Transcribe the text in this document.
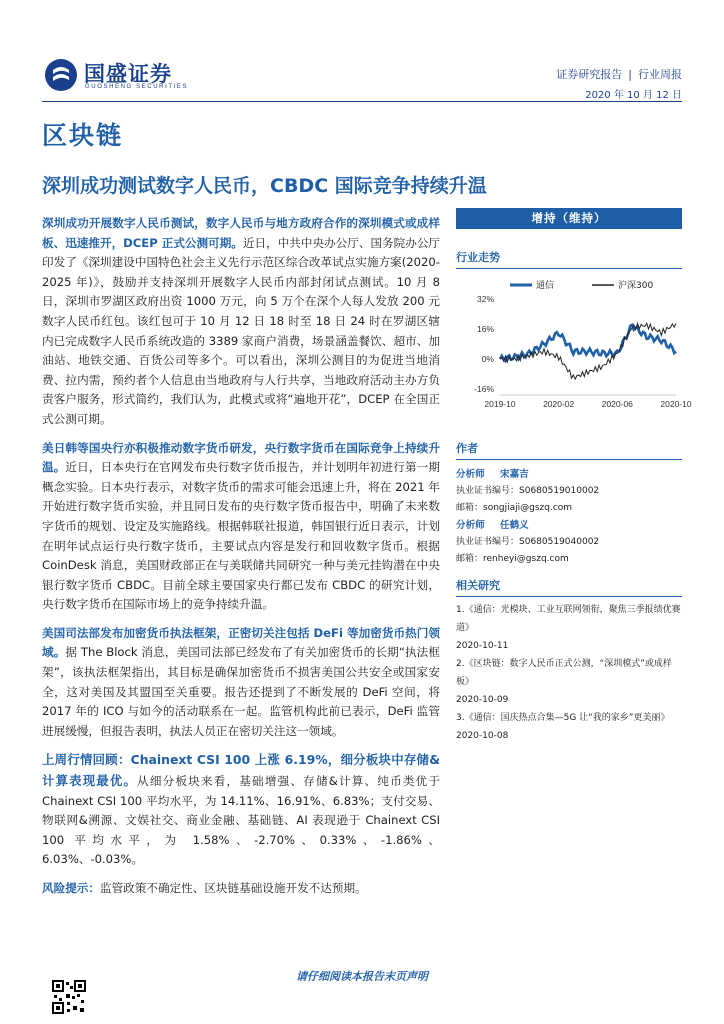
国盛证券
GUOSHENG SECURITIES
证券研究报告 | 行业周报
2020 年 10 月 12 日
区块链
深圳成功测试数字人民币，CBDC 国际竞争持续升温

深圳成功开展数字人民币测试，数字人民币与地方政府合作的深圳模式或成样板、迅速推开，DCEP 正式公测可期。近日，中共中央办公厅、国务院办公厅印发了《深圳建设中国特色社会主义先行示范区综合改革试点实施方案(2020-2025 年)》，鼓励并支持深圳开展数字人民币内部封闭试点测试。10 月 8 日，深圳市罗湖区政府出资 1000 万元，向 5 万个在深个人每人发放 200 元数字人民币红包。该红包可于 10 月 12 日 18 时至 18 日 24 时在罗湖区辖内已完成数字人民币系统改造的 3389 家商户消费，场景涵盖餐饮、超市、加油站、地铁交通、百货公司等多个。可以看出，深圳公测目的为促进当地消费、拉内需，预约者个人信息由当地政府与人行共享，当地政府活动主办方负责客户服务，形式简约，我们认为，此模式或将“遍地开花”，DCEP 在全国正式公测可期。

美日韩等国央行亦积极推动数字货币研发，央行数字货币在国际竞争上持续升温。近日，日本央行在官网发布央行数字货币报告，并计划明年初进行第一期概念实验。日本央行表示，对数字货币的需求可能会迅速上升，将在 2021 年开始进行数字货币实验，并且同日发布的央行数字货币报告中，明确了未来数字货币的规划、设定及实施路线。根据韩联社报道，韩国银行近日表示，计划在明年试点运行央行数字货币，主要试点内容是发行和回收数字货币。根据 CoinDesk 消息，美国财政部正在与美联储共同研究一种与美元挂钩潜在中央银行数字货币 CBDC。目前全球主要国家央行都已发布 CBDC 的研究计划，央行数字货币在国际市场上的竞争持续升温。

美国司法部发布加密货币执法框架，正密切关注包括 DeFi 等加密货币热门领域。据 The Block 消息，美国司法部已经发布了有关加密货币的长期“执法框架”，该执法框架指出，其目标是确保加密货币不损害美国公共安全或国家安全，这对美国及其盟国至关重要。报告还提到了不断发展的 DeFi 空间，将 2017 年的 ICO 与如今的活动联系在一起。监管机构此前已表示，DeFi 监管进展缓慢，但报告表明，执法人员正在密切关注这一领域。

上周行情回顾：Chainext CSI 100 上涨 6.19%，细分板块中存储&计算表现最优。从细分板块来看，基础增强、存储&计算、纯币类优于 Chainext CSI 100 平均水平，为 14.11%、16.91%、6.83%；支付交易、物联网&溯源、文娱社交、商业金融、基础链、AI 表现逊于 Chainext CSI 100 平均水平，为 1.58%、-2.70%、0.33%、-1.86%、6.03%、-0.03%。

风险提示：监管政策不确定性、区块链基础设施开发不达预期。

增持（维持）
行业走势
32%
16%
0%
-16%
2019-10	2020-02	2020-06	2020-10
通信	沪深300
作者
分析师	宋嘉吉
执业证书编号：S0680519010002
邮箱：songjiaji@gszq.com
分析师	任鹤义
执业证书编号：S0680519040002
邮箱：renheyi@gszq.com
相关研究
1.《通信：光模块、工业互联网领衔，聚焦三季报绩优赛道》
2020-10-11
2.《区块链：数字人民币正式公测，“深圳模式”或成样板》
2020-10-09
3.《通信：国庆热点合集—5G 让“我的家乡”更美丽》
2020-10-08
请仔细阅读本报告末页声明
